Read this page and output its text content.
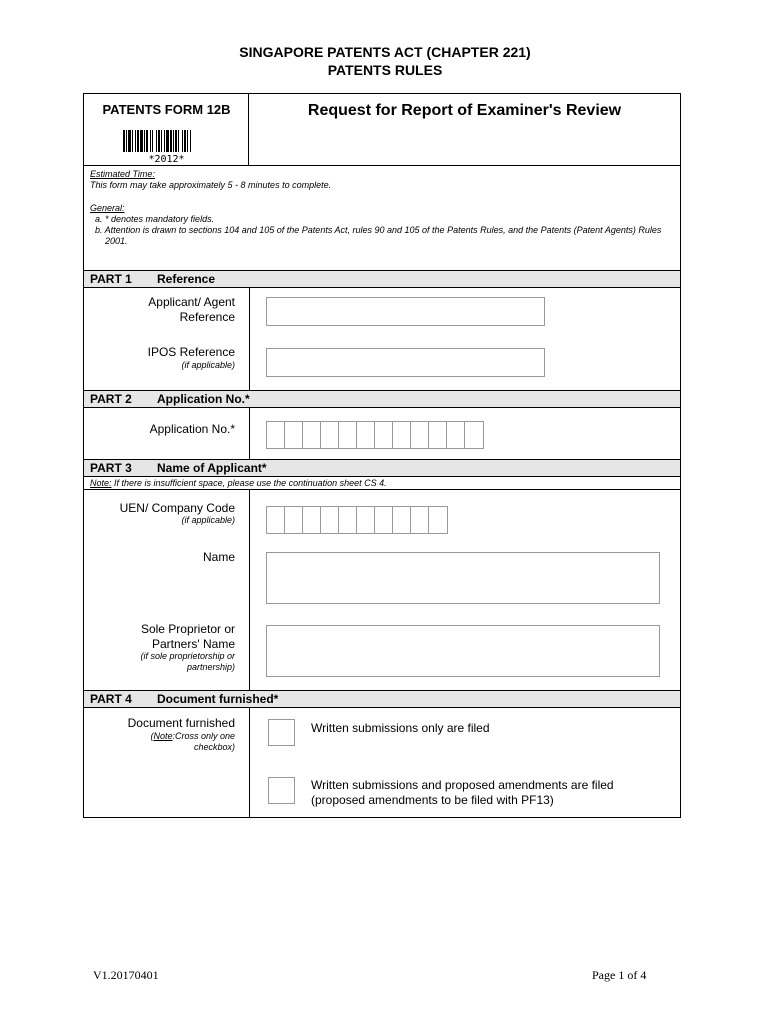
SINGAPORE PATENTS ACT (CHAPTER 221)
PATENTS RULES
PATENTS FORM 12B
*2012*
Request for Report of Examiner's Review
Estimated Time:
This form may take approximately 5 - 8 minutes to complete.
General:
a. * denotes mandatory fields.
b. Attention is drawn to sections 104 and 105 of the Patents Act, rules 90 and 105 of the Patents Rules, and the Patents (Patent Agents) Rules 2001.
PART 1 Reference
Applicant/ Agent
Reference
IPOS Reference
(if applicable)
PART 2 Application No.*
Application No.*
PART 3 Name of Applicant*
Note: If there is insufficient space, please use the continuation sheet CS 4.
UEN/ Company Code
(if applicable)
Name
Sole Proprietor or
Partners' Name
(if sole proprietorship or
partnership)
PART 4 Document furnished*
Document furnished
(Note:Cross only one
checkbox)
Written submissions only are filed
Written submissions and proposed amendments are filed
(proposed amendments to be filed with PF13)
V1.20170401	Page 1 of 4
